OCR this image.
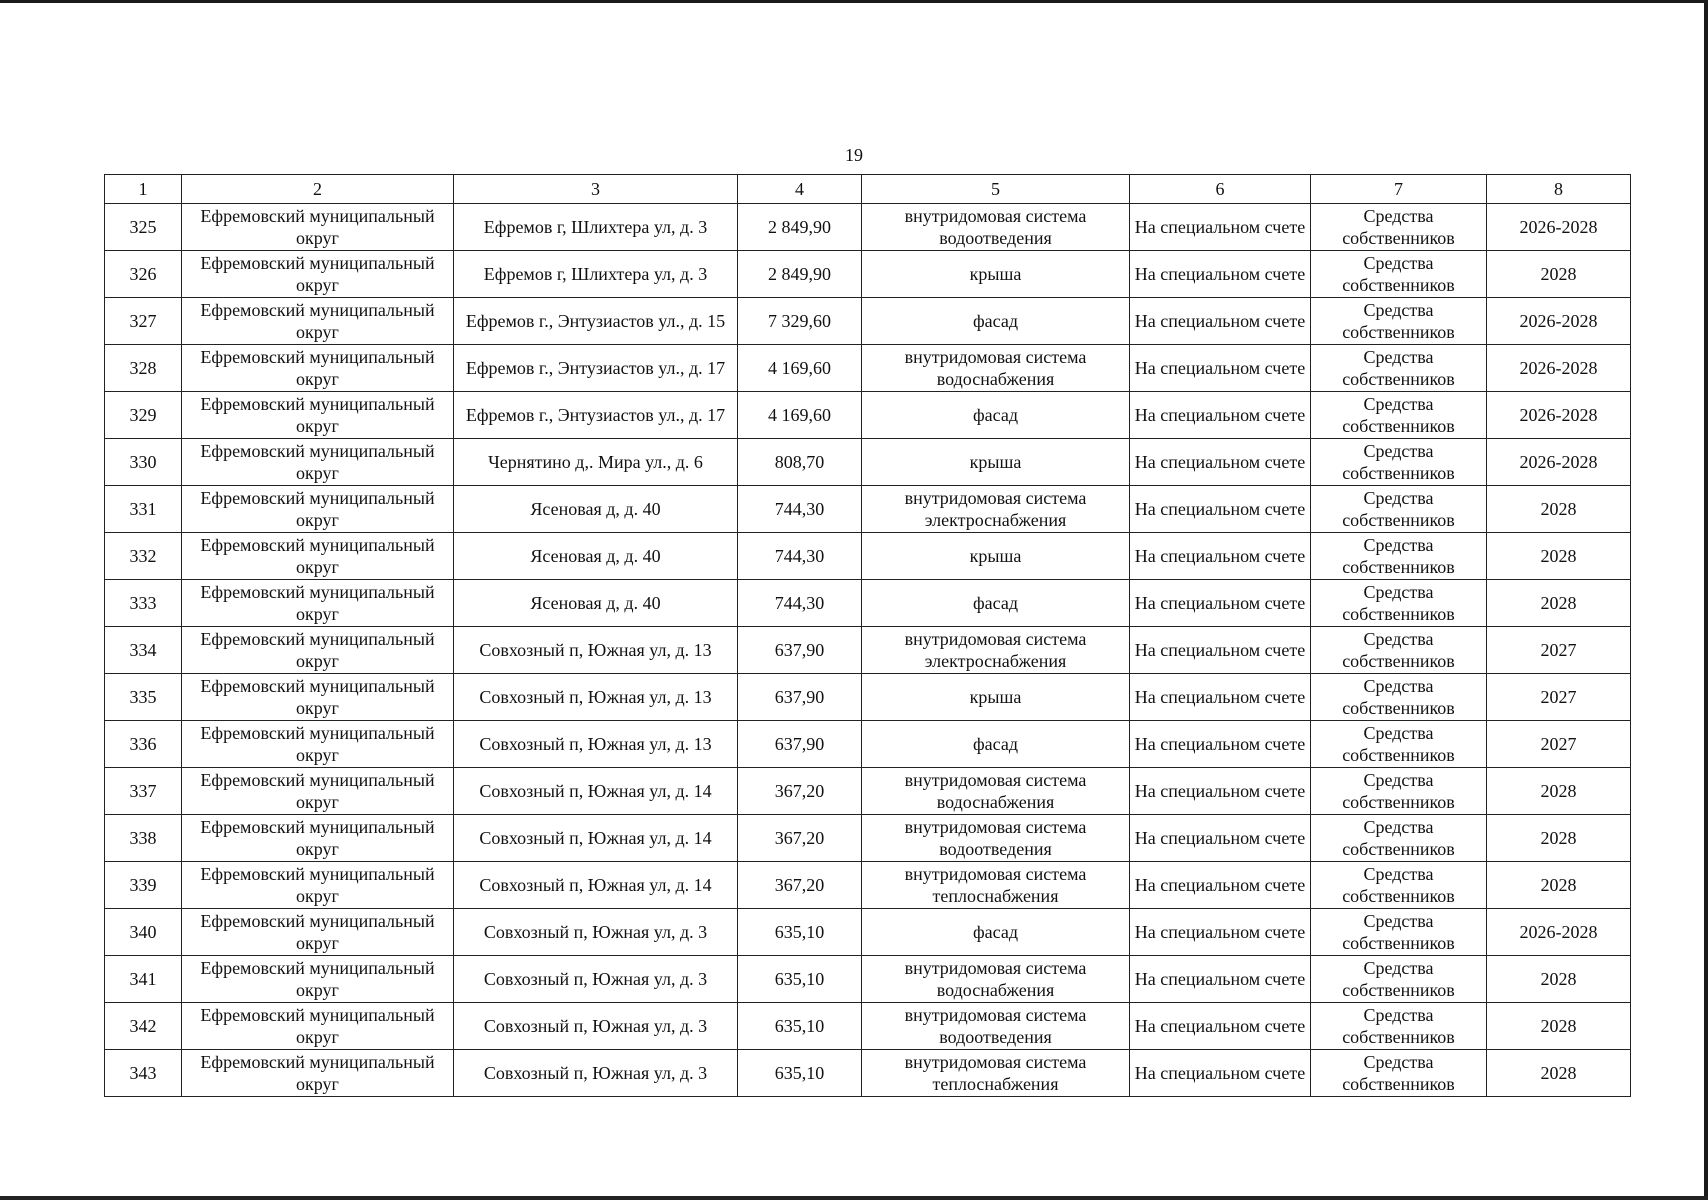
19
1	2	3	4	5	6	7	8
325	Ефремовский муниципальный округ	Ефремов г, Шлихтера ул, д. 3	2 849,90	внутридомовая система водоотведения	На специальном счете	Средства собственников	2026-2028
326	Ефремовский муниципальный округ	Ефремов г, Шлихтера ул, д. 3	2 849,90	крыша	На специальном счете	Средства собственников	2028
327	Ефремовский муниципальный округ	Ефремов г., Энтузиастов ул., д. 15	7 329,60	фасад	На специальном счете	Средства собственников	2026-2028
328	Ефремовский муниципальный округ	Ефремов г., Энтузиастов ул., д. 17	4 169,60	внутридомовая система водоснабжения	На специальном счете	Средства собственников	2026-2028
329	Ефремовский муниципальный округ	Ефремов г., Энтузиастов ул., д. 17	4 169,60	фасад	На специальном счете	Средства собственников	2026-2028
330	Ефремовский муниципальный округ	Чернятино д,. Мира ул., д. 6	808,70	крыша	На специальном счете	Средства собственников	2026-2028
331	Ефремовский муниципальный округ	Ясеновая д, д. 40	744,30	внутридомовая система электроснабжения	На специальном счете	Средства собственников	2028
332	Ефремовский муниципальный округ	Ясеновая д, д. 40	744,30	крыша	На специальном счете	Средства собственников	2028
333	Ефремовский муниципальный округ	Ясеновая д, д. 40	744,30	фасад	На специальном счете	Средства собственников	2028
334	Ефремовский муниципальный округ	Совхозный п, Южная ул, д. 13	637,90	внутридомовая система электроснабжения	На специальном счете	Средства собственников	2027
335	Ефремовский муниципальный округ	Совхозный п, Южная ул, д. 13	637,90	крыша	На специальном счете	Средства собственников	2027
336	Ефремовский муниципальный округ	Совхозный п, Южная ул, д. 13	637,90	фасад	На специальном счете	Средства собственников	2027
337	Ефремовский муниципальный округ	Совхозный п, Южная ул, д. 14	367,20	внутридомовая система водоснабжения	На специальном счете	Средства собственников	2028
338	Ефремовский муниципальный округ	Совхозный п, Южная ул, д. 14	367,20	внутридомовая система водоотведения	На специальном счете	Средства собственников	2028
339	Ефремовский муниципальный округ	Совхозный п, Южная ул, д. 14	367,20	внутридомовая система теплоснабжения	На специальном счете	Средства собственников	2028
340	Ефремовский муниципальный округ	Совхозный п, Южная ул, д. 3	635,10	фасад	На специальном счете	Средства собственников	2026-2028
341	Ефремовский муниципальный округ	Совхозный п, Южная ул, д. 3	635,10	внутридомовая система водоснабжения	На специальном счете	Средства собственников	2028
342	Ефремовский муниципальный округ	Совхозный п, Южная ул, д. 3	635,10	внутридомовая система водоотведения	На специальном счете	Средства собственников	2028
343	Ефремовский муниципальный округ	Совхозный п, Южная ул, д. 3	635,10	внутридомовая система теплоснабжения	На специальном счете	Средства собственников	2028
